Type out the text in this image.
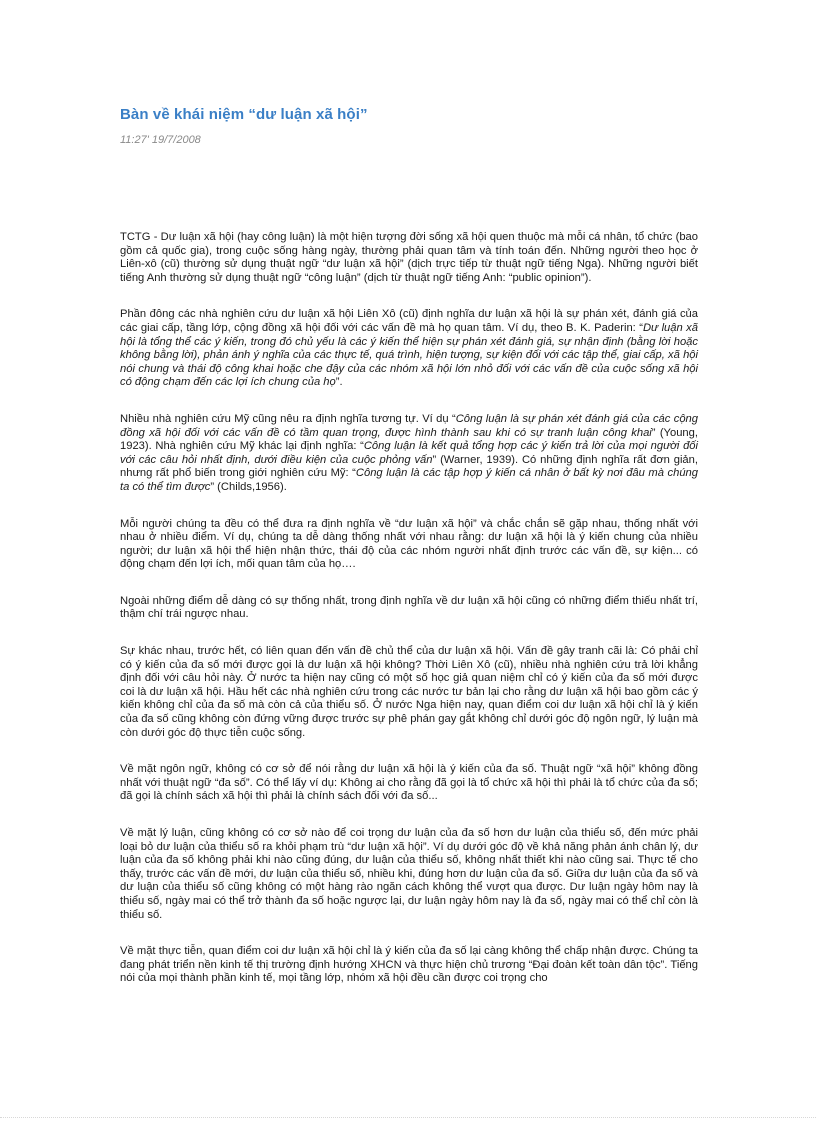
Bàn về khái niệm “dư luận xã hội”
11:27' 19/7/2008

TCTG - Dư luận xã hội (hay công luận) là một hiện tượng đời sống xã hội quen thuộc mà mỗi cá nhân, tổ chức (bao gồm cả quốc gia), trong cuộc sống hàng ngày, thường phải quan tâm và tính toán đến. Những người theo học ở Liên-xô (cũ) thường sử dụng thuật ngữ “dư luận xã hội” (dịch trực tiếp từ thuật ngữ tiếng Nga). Những người biết tiếng Anh thường sử dụng thuật ngữ “công luận” (dịch từ thuật ngữ tiếng Anh: “public opinion”).

Phần đông các nhà nghiên cứu dư luận xã hội Liên Xô (cũ) định nghĩa dư luận xã hội là sự phán xét, đánh giá của các giai cấp, tầng lớp, cộng đồng xã hội đối với các vấn đề mà họ quan tâm. Ví dụ, theo B. K. Paderin: “Dư luận xã hội là tổng thể các ý kiến, trong đó chủ yếu là các ý kiến thể hiện sự phán xét đánh giá, sự nhận định (bằng lời hoặc không bằng lời), phản ánh ý nghĩa của các thực tế, quá trình, hiện tượng, sự kiện đối với các tập thể, giai cấp, xã hội nói chung và thái độ công khai hoặc che đậy của các nhóm xã hội lớn nhỏ đối với các vấn đề của cuộc sống xã hội có động chạm đến các lợi ích chung của họ”.

Nhiều nhà nghiên cứu Mỹ cũng nêu ra định nghĩa tương tự. Ví dụ “Công luận là sự phán xét đánh giá của các cộng đồng xã hội đối với các vấn đề có tầm quan trọng, được hình thành sau khi có sự tranh luận công khai” (Young, 1923). Nhà nghiên cứu Mỹ khác lại định nghĩa: “Công luận là kết quả tổng hợp các ý kiến trả lời của mọi người đối với các câu hỏi nhất định, dưới điều kiện của cuộc phỏng vấn” (Warner, 1939). Có những định nghĩa rất đơn giản, nhưng rất phổ biến trong giới nghiên cứu Mỹ: “Công luận là các tập hợp ý kiến cá nhân ở bất kỳ nơi đâu mà chúng ta có thể tìm được” (Childs,1956).

Mỗi người chúng ta đều có thể đưa ra định nghĩa về “dư luận xã hội” và chắc chắn sẽ gặp nhau, thống nhất với nhau ở nhiều điểm. Ví dụ, chúng ta dễ dàng thống nhất với nhau rằng: dư luận xã hội là ý kiến chung của nhiều người; dư luận xã hội thể hiện nhận thức, thái độ của các nhóm người nhất định trước các vấn đề, sự kiện... có động chạm đến lợi ích, mối quan tâm của họ….

Ngoài những điểm dễ dàng có sự thống nhất, trong định nghĩa về dư luận xã hội cũng có những điểm thiếu nhất trí, thậm chí trái ngược nhau.

Sự khác nhau, trước hết, có liên quan đến vấn đề chủ thể của dư luận xã hội. Vấn đề gây tranh cãi là: Có phải chỉ có ý kiến của đa số mới được gọi là dư luận xã hội không? Thời Liên Xô (cũ), nhiều nhà nghiên cứu trả lời khẳng định đối với câu hỏi này. Ở nước ta hiện nay cũng có một số học giả quan niệm chỉ có ý kiến của đa số mới được coi là dư luận xã hội. Hầu hết các nhà nghiên cứu trong các nước tư bản lại cho rằng dư luận xã hội bao gồm các ý kiến không chỉ của đa số mà còn cả của thiểu số. Ở nước Nga hiện nay, quan điểm coi dư luận xã hội chỉ là ý kiến của đa số cũng không còn đứng vững được trước sự phê phán gay gắt không chỉ dưới góc độ ngôn ngữ, lý luận mà còn dưới góc độ thực tiễn cuộc sống.

Về mặt ngôn ngữ, không có cơ sở để nói rằng dư luận xã hội là ý kiến của đa số. Thuật ngữ “xã hội” không đồng nhất với thuật ngữ “đa số”. Có thể lấy ví dụ: Không ai cho rằng đã gọi là tổ chức xã hội thì phải là tổ chức của đa số; đã gọi là chính sách xã hội thì phải là chính sách đối với đa số...

Về mặt lý luận, cũng không có cơ sở nào để coi trọng dư luận của đa số hơn dư luận của thiểu số, đến mức phải loại bỏ dư luận của thiểu số ra khỏi phạm trù “dư luận xã hội”. Ví dụ dưới góc độ về khả năng phản ánh chân lý, dư luận của đa số không phải khi nào cũng đúng, dư luận của thiểu số, không nhất thiết khi nào cũng sai. Thực tế cho thấy, trước các vấn đề mới, dư luận của thiểu số, nhiều khi, đúng hơn dư luận của đa số. Giữa dư luận của đa số và dư luận của thiểu số cũng không có một hàng rào ngăn cách không thể vượt qua được. Dư luận ngày hôm nay là thiểu số, ngày mai có thể trở thành đa số hoặc ngược lại, dư luận ngày hôm nay là đa số, ngày mai có thể chỉ còn là thiểu số.

Về mặt thực tiễn, quan điểm coi dư luận xã hội chỉ là ý kiến của đa số lại càng không thể chấp nhận được. Chúng ta đang phát triển nền kinh tế thị trường định hướng XHCN và thực hiện chủ trương “Đại đoàn kết toàn dân tộc”. Tiếng nói của mọi thành phần kinh tế, mọi tầng lớp, nhóm xã hội đều cần được coi trọng cho
